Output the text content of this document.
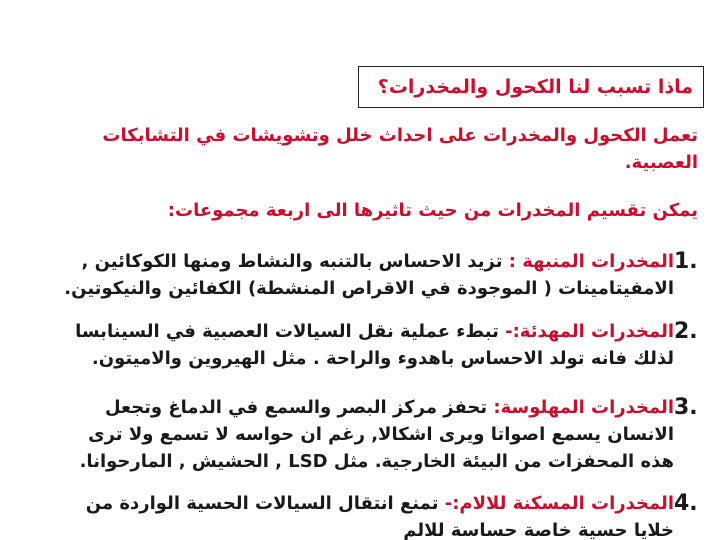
ماذا تسبب لنا الكحول والمخدرات؟

تعمل الكحول والمخدرات على احداث خلل وتشويشات في التشابكات
العصبية.

يمكن تقسيم المخدرات من حيث تاثيرها الى اربعة مجموعات:

1.
المخدرات المنبهة : تزيد الاحساس بالتنبه والنشاط ومنها الكوكائين ,
الامفيتامينات ( الموجودة في الاقراص المنشطة) الكفائين والنيكوتين.
2.
المخدرات المهدئة:- تبطء عملية نقل السيالات العصبية في السينابسا
لذلك فانه تولد الاحساس باهدوء والراحة . مثل الهيروين والاميتون.
3.
المخدرات المهلوسة: تحفز مركز البصر والسمع في الدماغ وتجعل
الانسان يسمع اصواتا ويرى اشكالا, رغم ان حواسه لا تسمع ولا ترى
هذه المحفزات من البيئة الخارجية. مثل LSD , الحشيش , المارحوانا.
4.
المخدرات المسكنة للالام:- تمنع انتقال السيالات الحسية الواردة من
خلايا حسية خاصة حساسة للالم
